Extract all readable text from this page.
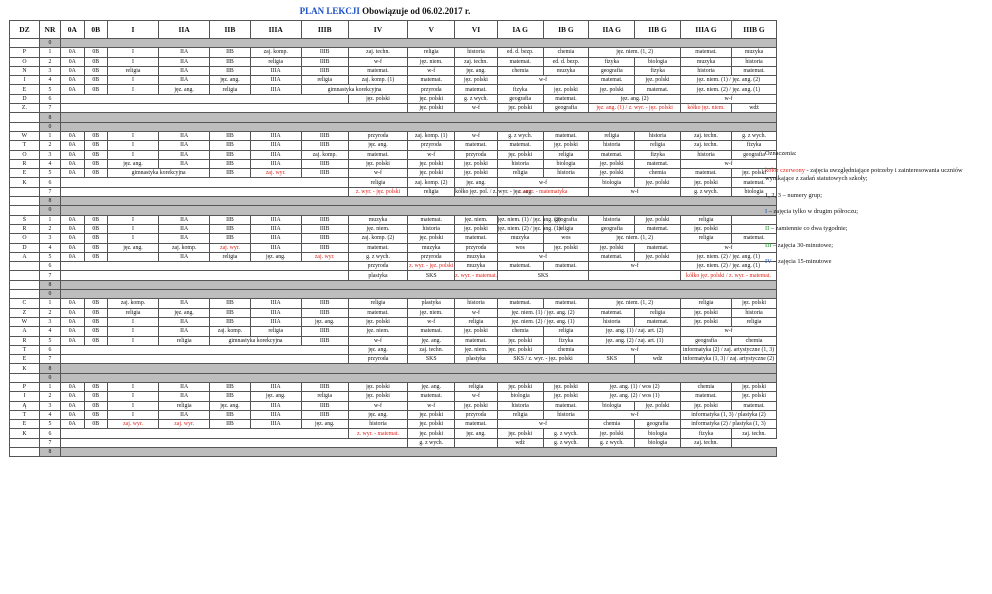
PLAN LEKCJI Obowiązuje od 06.02.2017 r.
DZ	NR	0A	0B	I	IIA	IIB	IIIA	IIIB	IV	V	VI	IA G	IB G	IIA G	IIB G	IIIA G	IIIB G
	0																
P	1	0A	0B	I	IIA	IIB	zaj. komp.	IIIB	zaj. techn.	religia	historia	ed. d. bezp.	chemia	jęz. niem. (1, 2)		matemat.	muzyka
O	2	0A	0B	I	IIA	IIB	religia	IIIB	w-f	jęz. niem.	zaj. techn.	matemat.	ed. d. bezp.	fizyka	biologia	muzyka	historia
N	3	0A	0B	religia	IIA	IIB	IIIA	IIIB	matemat.	w-f	jęz. ang.	chemia	muzyka	geografia	fizyka	historia	matemat.
I	4	0A	0B	I	IIA	jęz. ang.	IIIA	religia	zaj. komp. (1)	matemat.	jęz. polski	w-f		matemat.	jęz. polski	jęz. niem. (1) / jęz. ang. (2)	
E	5	0A	0B	I	jęz. ang.	religia	IIIA	gimnastyka korekcyjna		przyroda	matemat.	fizyka	jęz. polski	jęz. polski	matemat.	jęz. niem. (2) / jęz. ang. (1)	
D	6								jęz. polski	jęz. polski	g. z wych.	geografia	matemat.	jęz. ang. (2)		w-f	
Z.	7									jęz. polski	w-f	jęz. polski	geografia	jęz. ang. (1) / z. wyr. - jęz. polski		kółko jęz. niem.	wdż
	8																
	0																
W	1	0A	0B	I	IIA	IIB	IIIA	IIIB	przyroda	zaj. komp. (1)	w-f	g. z wych.	matemat.	religia	historia	zaj. techn.	g. z wych.
T	2	0A	0B	I	IIA	IIB	IIIA	IIIB	jęz. ang.	przyroda	matemat.	matemat.	jęz. polski	historia	religia	zaj. techn.	fizyka
O	3	0A	0B	I	IIA	IIB	IIIA	zaj. komp.	matemat.	w-f	przyroda	jęz. polski	religia	matemat.	fizyka	historia	geografia
R	4	0A	0B	jęz. ang.	IIA	IIB	IIIA	IIIB	jęz. polski	jęz. polski	jęz. polski	historia	biologia	jęz. polski	matemat.	w-f	
E	5	0A	0B	gimnastyka korekcyjna		IIB	zaj. wyr.	IIIB	w-f	jęz. polski	jęz. polski	religia	historia	jęz. polski	chemia	matemat.	jęz. polski
K	6								religia	zaj. komp. (2)	jęz. ang.	w-f		biologia	jęz. polski	jęz. polski	matemat.
	7								z. wyr. - jęz. polski	religia	kółko jęz. pol. / z. wyr. - jęz. ang.	z. wyr. - matematyka		w-f		g. z wych.	biologia
	8																
	0																
Ś	1	0A	0B	I	IIA	IIB	IIIA	IIIB	muzyka	matemat.	jęz. niem.	jęz. niem. (1) / jęz. ang. (2)	geografia	historia	jęz. polski	religia	
R	2	0A	0B	I	IIA	IIB	IIIA	IIIB	jęz. niem.	historia	jęz. polski	jęz. niem. (2) / jęz. ang. (1)	religia	geografia	matemat.	jęz. polski	
O	3	0A	0B	I	IIA	IIB	IIIA	IIIB	zaj. komp. (2)	jęz. polski	matemat.	muzyka	wos	jęz. niem. (1, 2)		religia	matemat.
D	4	0A	0B	jęz. ang.	zaj. komp.	zaj. wyr.	IIIA	IIIB	matemat.	muzyka	przyroda	wos	jęz. polski	jęz. polski	matemat.	w-f	
A	5	0A	0B		IIA	religia	jęz. ang.	zaj. wyr.	g. z wych.	przyroda	muzyka	w-f		matemat.	jęz. polski	jęz. niem. (2) / jęz. ang. (1)	
	6								przyroda	z. wyr. - jęz. polski	muzyka	matemat.	matemat.	w-f		jęz. niem. (2) / jęz. ang. (1)	
	7								plastyka	SKS	z. wyr. - matemat.	SKS				kółko jęz. polski / z. wyr. - matemat.	
	8																
	0																
C	1	0A	0B	zaj. komp.	IIA	IIB	IIIA	IIIB	religia	plastyka	historia	matemat.	matemat.	jęz. niem. (1, 2)		religia	jęz. polski
Z	2	0A	0B	religia	jęz. ang.	IIB	IIIA	IIIB	matemat.	jęz. niem.	w-f	jęz. niem. (1) / jęz. ang. (2)		matemat.	religia	jęz. polski	historia
W	3	0A	0B	I	IIA	IIB	IIIA	jęz. ang.	jęz. polski	w-f	religia	jęz. niem. (2) / jęz. ang. (1)		historia	matemat.	jęz. polski	religia
A	4	0A	0B	I	IIA	zaj. komp.	religia	IIIB	jęz. niem.	matemat.	jęz. polski	chemia	religia	jęz. ang. (1) / zaj. art. (2)		w-f	
R	5	0A	0B	I	religia	gimnastyka korekcyjna		IIIB	w-f	jęz. ang.	matemat.	jęz. polski	fizyka	jęz. ang. (2) / zaj. art. (1)		geografia	chemia
T	6								jęz. ang.	zaj. techn.	jęz. niem.	jęz. polski	chemia	w-f		informatyka (2) / zaj. artystyczne (1, 3)	
E	7								przyroda	SKS	plastyka	SKS / z. wyr. - jęz. polski		SKS	wdż	informatyka (1, 3) / zaj. artystyczne (2)	
K	8																
	0																
P	1	0A	0B	I	IIA	IIB	IIIA	IIIB	jęz. polski	jęz. ang.	religia	jęz. polski	jęz. polski	jęz. ang. (1) / wos (2)		chemia	jęz. polski
I	2	0A	0B	I	IIA	IIB	jęz. ang.	religia	jęz. polski	matemat.	w-f	biologia	jęz. polski	jęz. ang. (2) / wos (1)		matemat.	jęz. polski
Ą	3	0A	0B	I	religia	jęz. ang.	IIIA	IIIB	w-f	w-f	jęz. polski	historia	matemat.	biologia	jęz. polski	jęz. polski	matemat.
T	4	0A	0B	I	IIA	IIB	IIIA	IIIB	jęz. ang.	jęz. polski	przyroda	religia	historia	w-f		informatyka (1, 3) / plastyka (2)	
E	5	0A	0B	zaj. wyr.	zaj. wyr.	IIB	IIIA	jęz. ang.	historia	jęz. polski	matemat.	w-f		chemia	geografia	informatyka (2) / plastyka (1, 3)	
K	6								z. wyr. - matemat.	jęz. polski	jęz. ang.	jęz. polski	g. z wych.	jęz. polski	biologia	fizyka	zaj. techn.
	7									g. z wych.		wdż	g. z wych.	g. z wych.	biologia	zaj. techn.	
	8																

Oznaczenia:

kolor czerwony - zajęcia uwzględniające potrzeby i zainteresowania uczniów wynikające z zadań statutowych szkoły;

1, 2, 3 – numery grup;

I – zajęcia tylko w drugim półroczu;

II – zamiennie co dwa tygodnie;

III – zajęcia 30-minutowe;

IV – zajęcia 15-minutowe
